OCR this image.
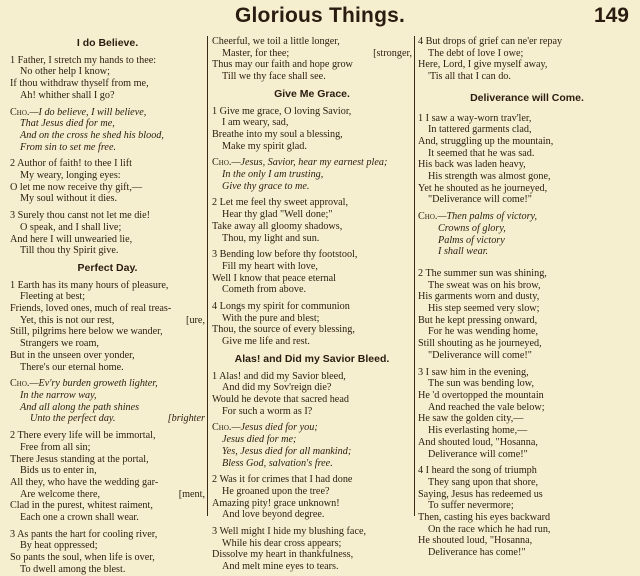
Glorious Things.	149
I do Believe.
1 Father, I stretch my hands to thee:
No other help I know;
If thou withdraw thyself from me,
Ah! whither shall I go?
Cho.—I do believe, I will believe,
That Jesus died for me,
And on the cross he shed his blood,
From sin to set me free.
2 Author of faith! to thee I lift
My weary, longing eyes:
O let me now receive thy gift,—
My soul without it dies.
3 Surely thou canst not let me die!
O speak, and I shall live;
And here I will unwearied lie,
Till thou thy Spirit give.
Perfect Day.
1 Earth has its many hours of pleasure,
Fleeting at best;
Friends, loved ones, much of real treas-
Yet, this is not our rest,	[ure,
Still, pilgrims here below we wander,
Strangers we roam,
But in the unseen over yonder,
There's our eternal home.
Cho.—Ev'ry burden groweth lighter,
In the narrow way,
And all along the path shines
Unto the perfect day.	[brighter
2 There every life will be immortal,
Free from all sin;
There Jesus standing at the portal,
Bids us to enter in,
All they, who have the wedding gar-
Are welcome there,	[ment,
Clad in the purest, whitest raiment,
Each one a crown shall wear.
3 As pants the hart for cooling river,
By heat oppressed;
So pants the soul, when life is over,
To dwell among the blest.
Cheerful, we toil a little longer,
Master, for thee;	[stronger,
Thus may our faith and hope grow
Till we thy face shall see.
Give Me Grace.
1 Give me grace, O loving Savior,
I am weary, sad,
Breathe into my soul a blessing,
Make my spirit glad.
Cho.—Jesus, Savior, hear my earnest plea;
In the only I am trusting,
Give thy grace to me.
2 Let me feel thy sweet approval,
Hear thy glad "Well done;"
Take away all gloomy shadows,
Thou, my light and sun.
3 Bending low before thy footstool,
Fill my heart with love,
Well I know that peace eternal
Cometh from above.
4 Longs my spirit for communion
With the pure and blest;
Thou, the source of every blessing,
Give me life and rest.
Alas! and Did my Savior Bleed.
1 Alas! and did my Savior bleed,
And did my Sov'reign die?
Would he devote that sacred head
For such a worm as I?
Cho.—Jesus died for you;
Jesus died for me;
Yes, Jesus died for all mankind;
Bless God, salvation's free.
2 Was it for crimes that I had done
He groaned upon the tree?
Amazing pity! grace unknown!
And love beyond degree.
3 Well might I hide my blushing face,
While his dear cross appears;
Dissolve my heart in thankfulness,
And melt mine eyes to tears.
4 But drops of grief can ne'er repay
The debt of love I owe;
Here, Lord, I give myself away,
'Tis all that I can do.
Deliverance will Come.
1 I saw a way-worn trav'ler,
In tattered garments clad,
And, struggling up the mountain,
It seemed that he was sad.
His back was laden heavy,
His strength was almost gone,
Yet he shouted as he journeyed,
"Deliverance will come!"
Cho.—Then palms of victory,
Crowns of glory,
Palms of victory
I shall wear.
2 The summer sun was shining,
The sweat was on his brow,
His garments worn and dusty,
His step seemed very slow;
But he kept pressing onward,
For he was wending home,
Still shouting as he journeyed,
"Deliverance will come!"
3 I saw him in the evening,
The sun was bending low,
He 'd overtopped the mountain
And reached the vale below;
He saw the golden city,—
His everlasting home,—
And shouted loud, "Hosanna,
Deliverance will come!"
4 I heard the song of triumph
They sang upon that shore,
Saying, Jesus has redeemed us
To suffer nevermore;
Then, casting his eyes backward
On the race which he had run,
He shouted loud, "Hosanna,
Deliverance has come!"
